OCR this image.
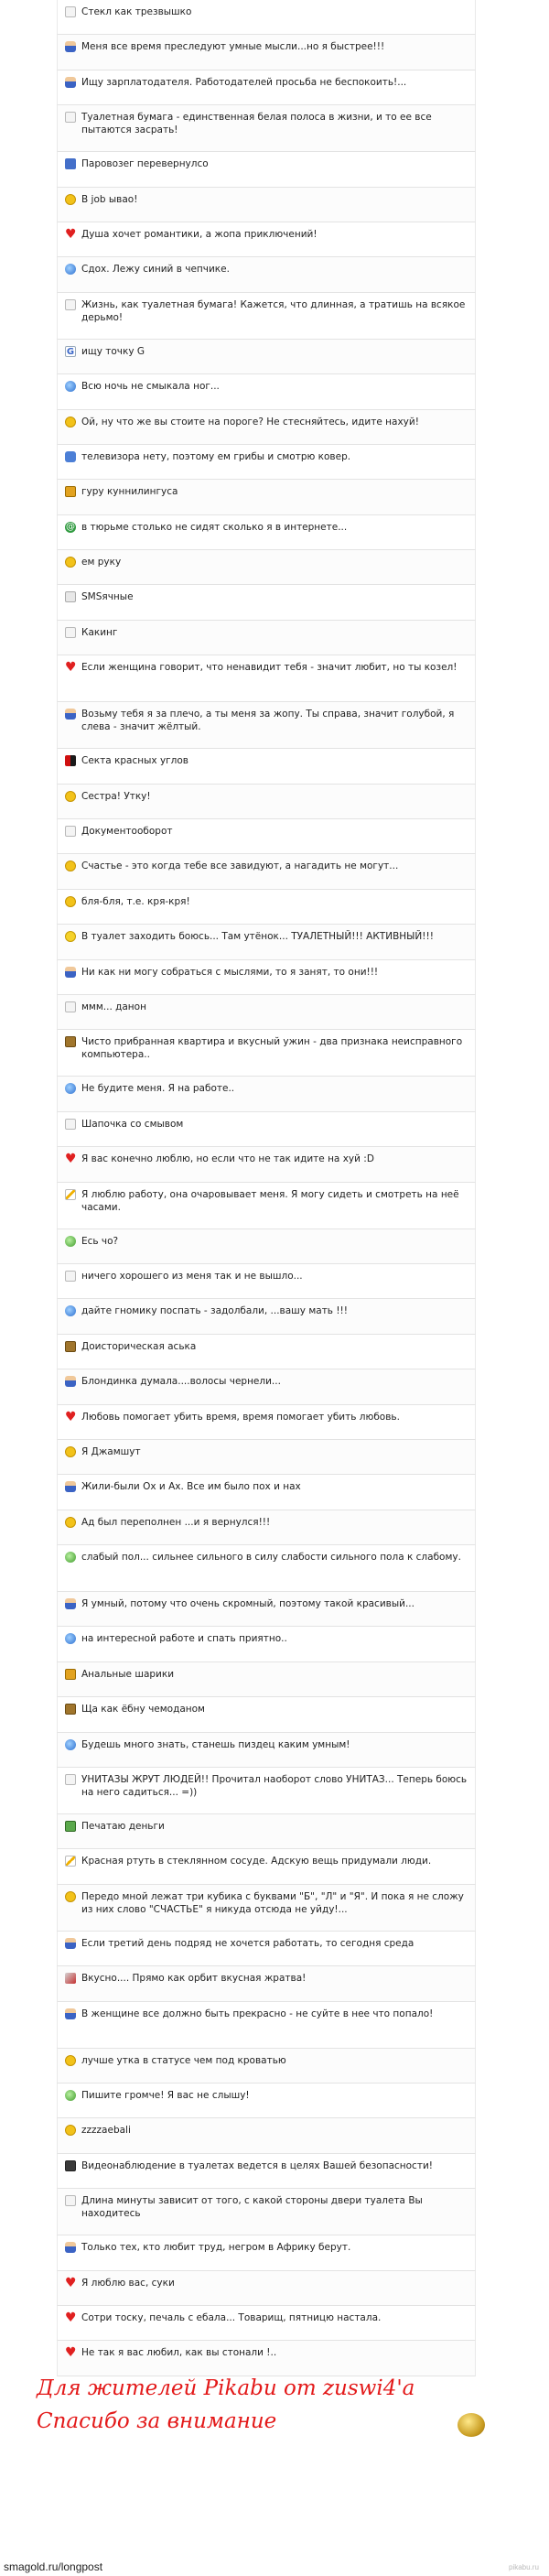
Стекл как трезвышко
Меня все время преследуют умные мысли...но я быстрее!!!
Ищу зарплатодателя. Работодателей просьба не беспокоить!...
Туалетная бумага - единственная белая полоса в жизни, и то ее все пытаются засрать!
Паровозег перевернулсо
В job ывао!
♥
Душа хочет романтики, а жопа приключений!
Сдох. Лежу синий в чепчике.
Жизнь, как туалетная бумага! Кажется, что длинная, а тратишь на всякое дерьмо!
G
ищу точку G
Всю ночь не смыкала ног...
Ой, ну что же вы стоите на пороге? Не стесняйтесь, идите нахуй!
телевизора нету, поэтому ем грибы и смотрю ковер.
гуру куннилингуса
@
в тюрьме столько не сидят сколько я в интернете...
ем руку
SMSячные
Какинг
♥
Если женщина говорит, что ненавидит тебя - значит любит, но ты козел!
Возьму тебя я за плечо, а ты меня за жопу. Ты справа, значит голубой, я слева - значит жёлтый.
Секта красных углов
Сестра! Утку!
Документооборот
Счастье - это когда тебе все завидуют, а нагадить не могут...
бля-бля, т.е. кря-кря!
В туалет заходить боюсь... Там утёнок... ТУАЛЕТНЫЙ!!! АКТИВНЫЙ!!!
Ни как ни могу собраться с мыслями, то я занят, то они!!!
ммм... данон
Чисто прибранная квартира и вкусный ужин - два признака неисправного компьютера..
Не будите меня. Я на работе..
Шапочка со смывом
♥
Я вас конечно люблю, но если что не так идите на хуй :D
Я люблю работу, она очаровывает меня. Я могу сидеть и смотреть на неё часами.
Есь чо?
ничего хорошего из меня так и не вышло...
дайте гномику поспать - задолбали, ...вашу мать !!!
Доисторическая аська
Блондинка думала....волосы чернели...
♥
Любовь помогает убить время, время помогает убить любовь.
Я Джамшут
Жили-были Ох и Ах. Все им было пох и нах
Ад был переполнен ...и я вернулся!!!
слабый пол... сильнее сильного в силу слабости сильного пола к слабому.
Я умный, потому что очень скромный, поэтому такой красивый...
на интересной работе и спать приятно..
Анальные шарики
Ща как ёбну чемоданом
Будешь много знать, станешь пиздец каким умным!
УНИТАЗЫ ЖРУТ ЛЮДЕЙ!! Прочитал наоборот слово УНИТАЗ... Теперь боюсь на него садиться... =))
Печатаю деньги
Красная ртуть в стеклянном сосуде. Адскую вещь придумали люди.
Передо мной лежат три кубика с буквами "Б", "Л" и "Я". И пока я не сложу из них слово "СЧАСТЬЕ" я никуда отсюда не уйду!...
Если третий день подряд не хочется работать, то сегодня среда
Вкусно.... Прямо как орбит вкусная жратва!
В женщине все должно быть прекрасно - не суйте в нее что попало!
лучше утка в статусе чем под кроватью
Пишите громче! Я вас не слышу!
zzzzaebali
Видеонаблюдение в туалетах ведется в целях Вашей безопасности!
Длина минуты зависит от того, с какой стороны двери туалета Вы находитесь
Только тех, кто любит труд, негром в Африку берут.
♥
Я люблю вас, суки
♥
Сотри тоску, печаль с ебала... Товарищ, пятницю настала.
♥
Не так я вас любил, как вы стонали !..
Для жителей Pikabu от zuswi4'a
Спасибо за внимание
smagold.ru/longpost	pikabu.ru
